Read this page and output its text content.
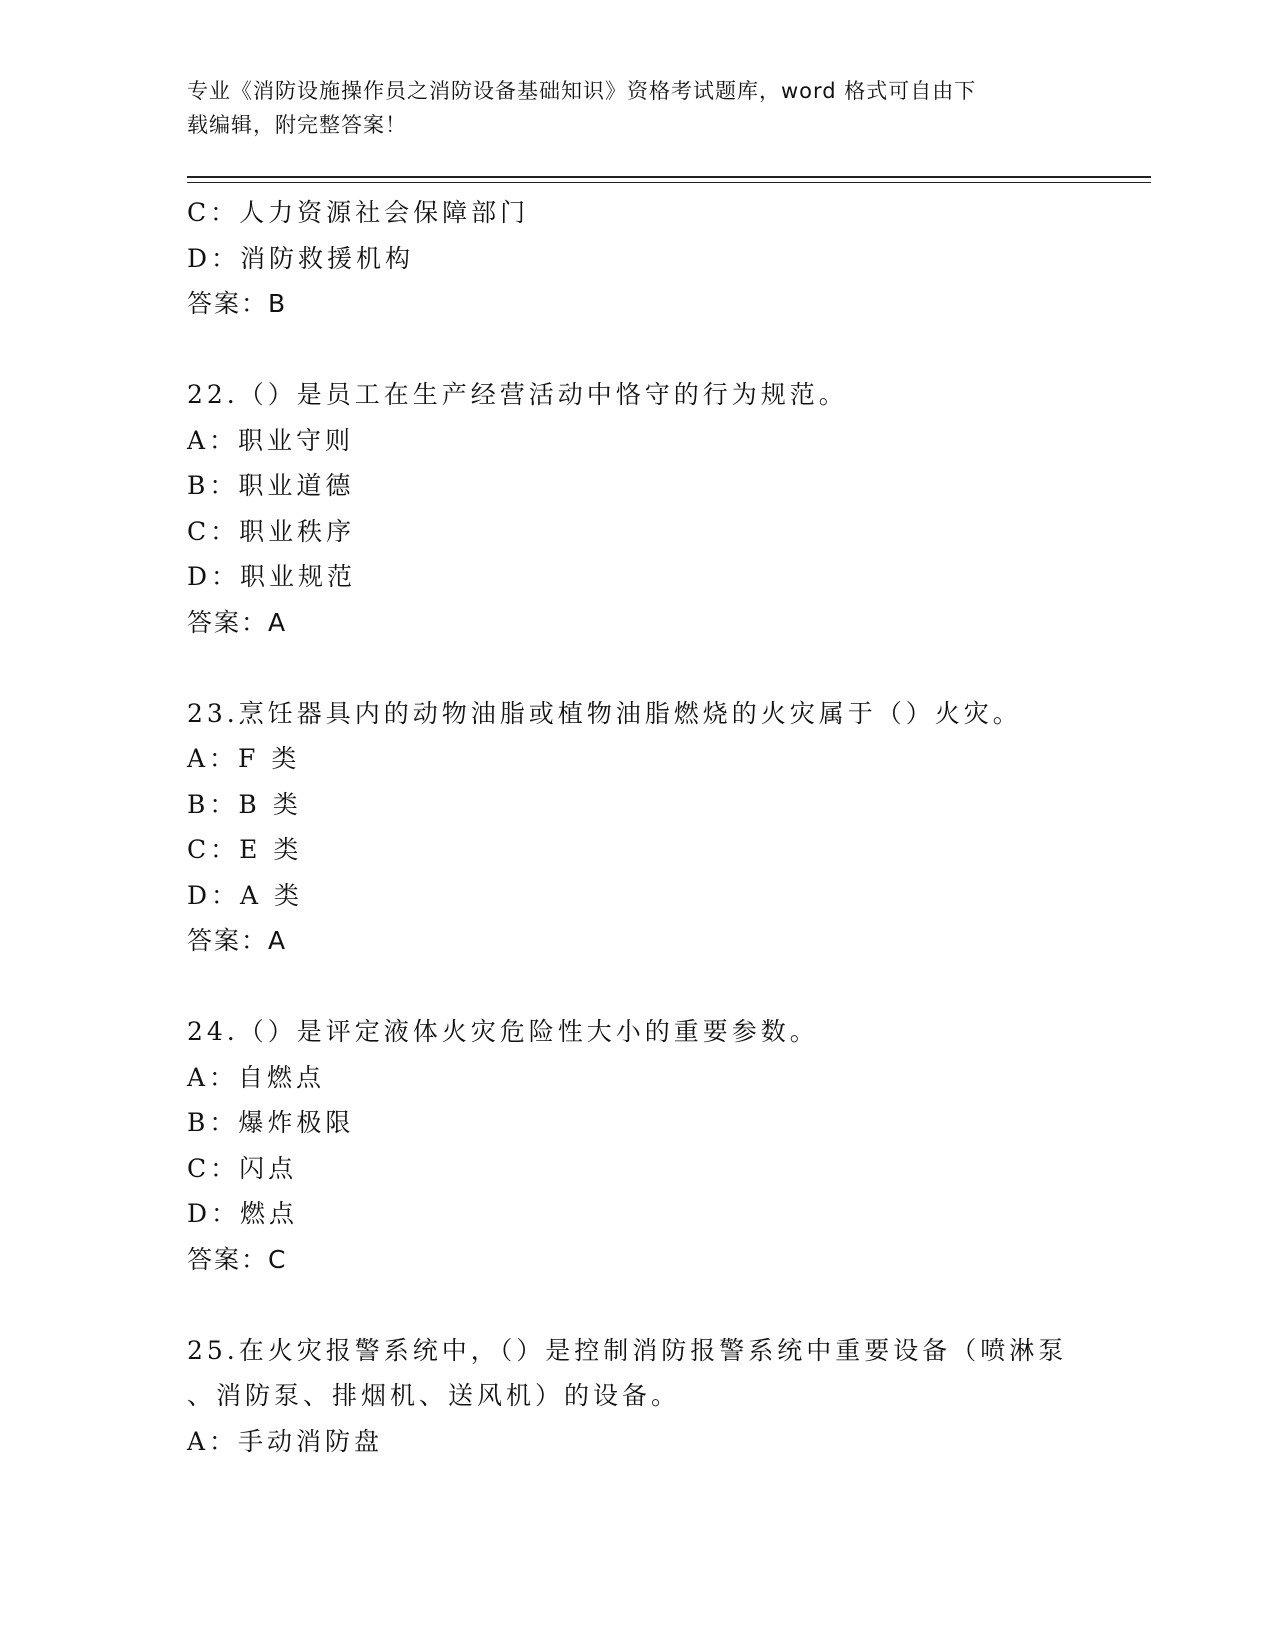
专业《消防设施操作员之消防设备基础知识》资格考试题库，word 格式可自由下
载编辑，附完整答案！
C：人力资源社会保障部门
D：消防救援机构
答案：B
22.（）是员工在生产经营活动中恪守的行为规范。
A：职业守则
B：职业道德
C：职业秩序
D：职业规范
答案：A
23.烹饪器具内的动物油脂或植物油脂燃烧的火灾属于（）火灾。
A：F 类
B：B 类
C：E 类
D：A 类
答案：A
24.（）是评定液体火灾危险性大小的重要参数。
A：自燃点
B：爆炸极限
C：闪点
D：燃点
答案：C
25.在火灾报警系统中，（）是控制消防报警系统中重要设备（喷淋泵
、消防泵、排烟机、送风机）的设备。
A：手动消防盘
